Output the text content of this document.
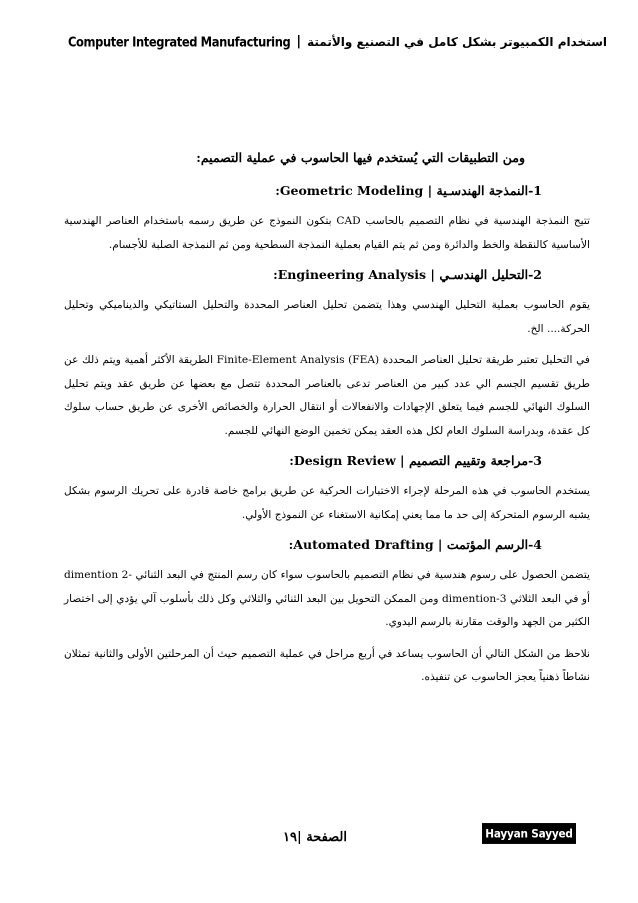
Computer Integrated Manufacturing | استخدام الكمبيوتر بشكل كامل في التصنيع والأتمتة

ومن التطبيقات التي يُستخدم فيها الحاسوب في عملية التصميم:

1-النمذجة الهندسـية | Geometric Modeling:

تتيح النمذجة الهندسية في نظام التصميم بالحاسب CAD بتكون النموذج عن طريق رسمه باستخدام العناصر الهندسية الأساسية كالنقطة والخط والدائرة ومن ثم يتم القيام بعملية النمذجة السطحية ومن ثم النمذجة الصلبة للأجسام.

2-التحليل الهندسـي | Engineering Analysis:

يقوم الحاسوب بعملية التحليل الهندسي وهذا يتضمن تحليل العناصر المحددة والتحليل الستاتيكي والديناميكي وتحليل الحركة.... الخ.

في التحليل تعتبر طريقة تحليل العناصر المحددة (Finite-Element Analysis (FEA الطريقة الأكثر أهمية ويتم ذلك عن طريق تقسيم الجسم الي عدد كبير من العناصر تدعى بالعناصر المحددة تتصل مع بعضها عن طريق عقد ويتم تحليل السلوك النهائي للجسم فيما يتعلق الإجهادات والانفعالات أو انتقال الحرارة والخصائص الأخرى عن طريق حساب سلوك كل عقدة، وبدراسة السلوك العام لكل هذه العقد يمكن تخمين الوضع النهائي للجسم.

3-مراجعة وتقييم التصميم | Design Review:

يستخدم الحاسوب في هذه المرحلة لإجراء الاختبارات الحركية عن طريق برامج خاصة قادرة على تحريك الرسوم بشكل يشبه الرسوم المتحركة إلى حد ما مما يعني إمكانية الاستغناء عن النموذج الأولي.

4-الرسم المؤتمت | Automated Drafting:

يتضمن الحصول على رسوم هندسية في نظام التصميم بالحاسوب سواء كان رسم المنتج في البعد الثنائي -2 dimention أو في البعد الثلاثي 3-dimention ومن الممكن التحويل بين البعد الثنائي والثلاثي وكل ذلك بأسلوب آلي يؤدي إلى اختصار الكثير من الجهد والوقت مقارنة بالرسم اليدوي.

نلاحظ من الشكل التالي أن الحاسوب يساعد في أربع مراحل في عملية التصميم حيث أن المرحلتين الأولى والثانية تمثلان نشاطاً ذهنياً يعجز الحاسوب عن تنفيذه.

Hayyan Sayyed
الصفحة |١٩
